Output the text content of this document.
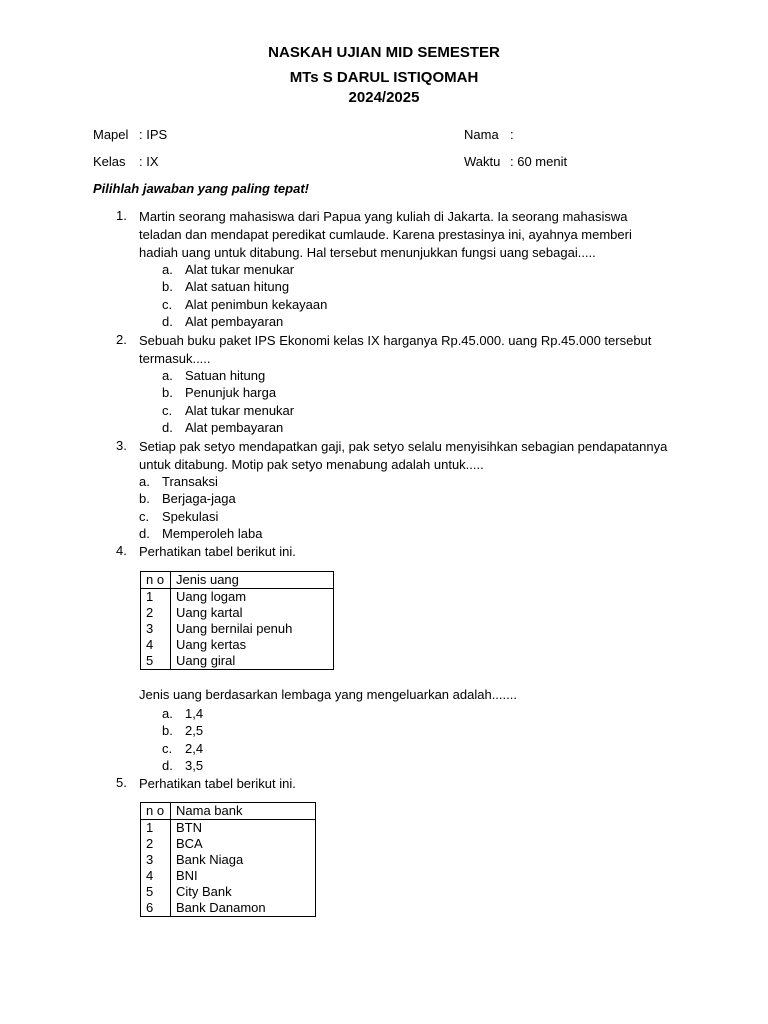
NASKAH UJIAN MID SEMESTER
MTs S DARUL ISTIQOMAH
2024/2025
Mapel : IPS
Kelas : IX
Nama :
Waktu : 60 menit
Pilihlah jawaban yang paling tepat!
1. Martin seorang mahasiswa dari Papua yang kuliah di Jakarta. Ia seorang mahasiswa teladan dan mendapat peredikat cumlaude. Karena prestasinya ini, ayahnya memberi hadiah uang untuk ditabung. Hal tersebut menunjukkan fungsi uang sebagai.....
a. Alat tukar menukar
b. Alat satuan hitung
c. Alat penimbun kekayaan
d. Alat pembayaran
2. Sebuah buku paket IPS Ekonomi kelas IX harganya Rp.45.000. uang Rp.45.000 tersebut termasuk.....
a. Satuan hitung
b. Penunjuk harga
c. Alat tukar menukar
d. Alat pembayaran
3. Setiap pak setyo mendapatkan gaji, pak setyo selalu menyisihkan sebagian pendapatannya untuk ditabung. Motip pak setyo menabung adalah untuk.....
a. Transaksi
b. Berjaga-jaga
c. Spekulasi
d. Memperoleh laba
4. Perhatikan tabel berikut ini.
n o	Jenis uang
1	Uang logam
2	Uang kartal
3	Uang bernilai penuh
4	Uang kertas
5	Uang giral
Jenis uang berdasarkan lembaga yang mengeluarkan adalah.......
a. 1,4
b. 2,5
c. 2,4
d. 3,5
5. Perhatikan tabel berikut ini.
n o	Nama bank
1	BTN
2	BCA
3	Bank Niaga
4	BNI
5	City Bank
6	Bank Danamon
